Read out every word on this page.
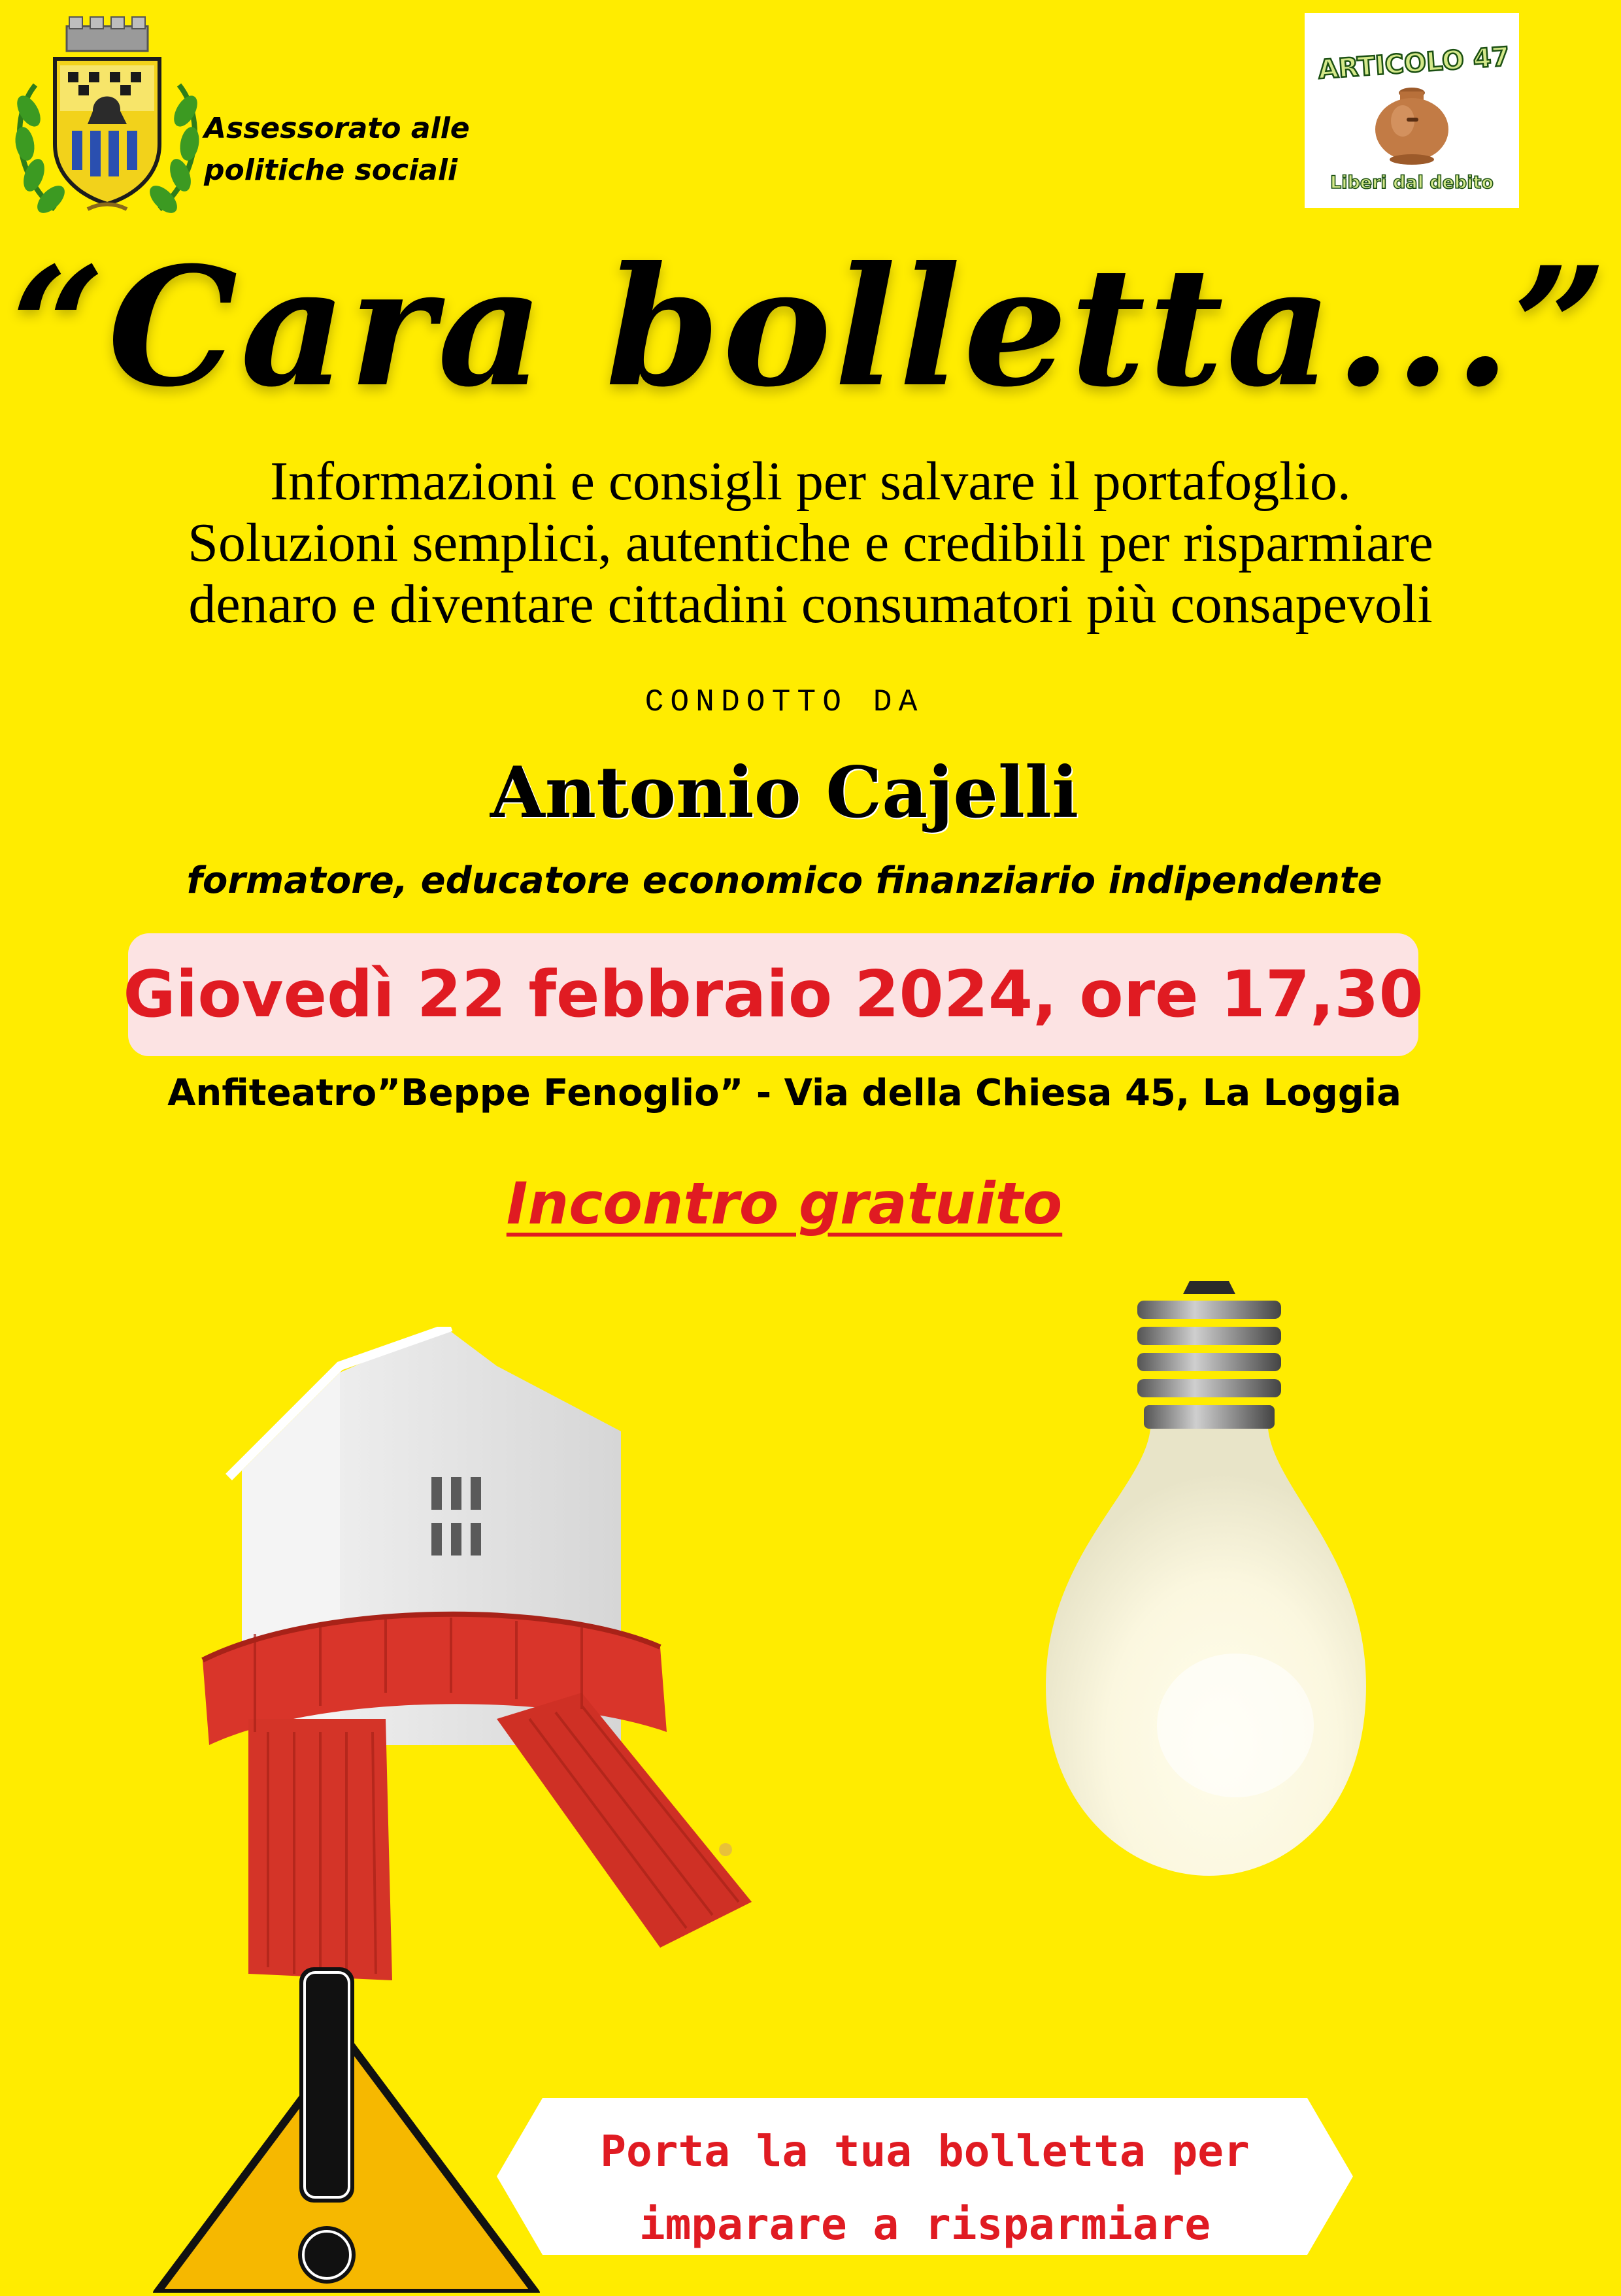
Assessorato alle
politiche sociali
ARTICOLO 47
Liberi dal debito
“Cara bolletta...”
Informazioni e consigli per salvare il portafoglio.
Soluzioni semplici, autentiche e credibili per risparmiare
denaro e diventare cittadini consumatori più consapevoli
CONDOTTO DA
Antonio Cajelli
formatore, educatore economico finanziario indipendente
Giovedì 22 febbraio 2024, ore 17,30
Anfiteatro”Beppe Fenoglio” - Via della Chiesa 45, La Loggia
Incontro gratuito
Porta la tua bolletta per
imparare a risparmiare
